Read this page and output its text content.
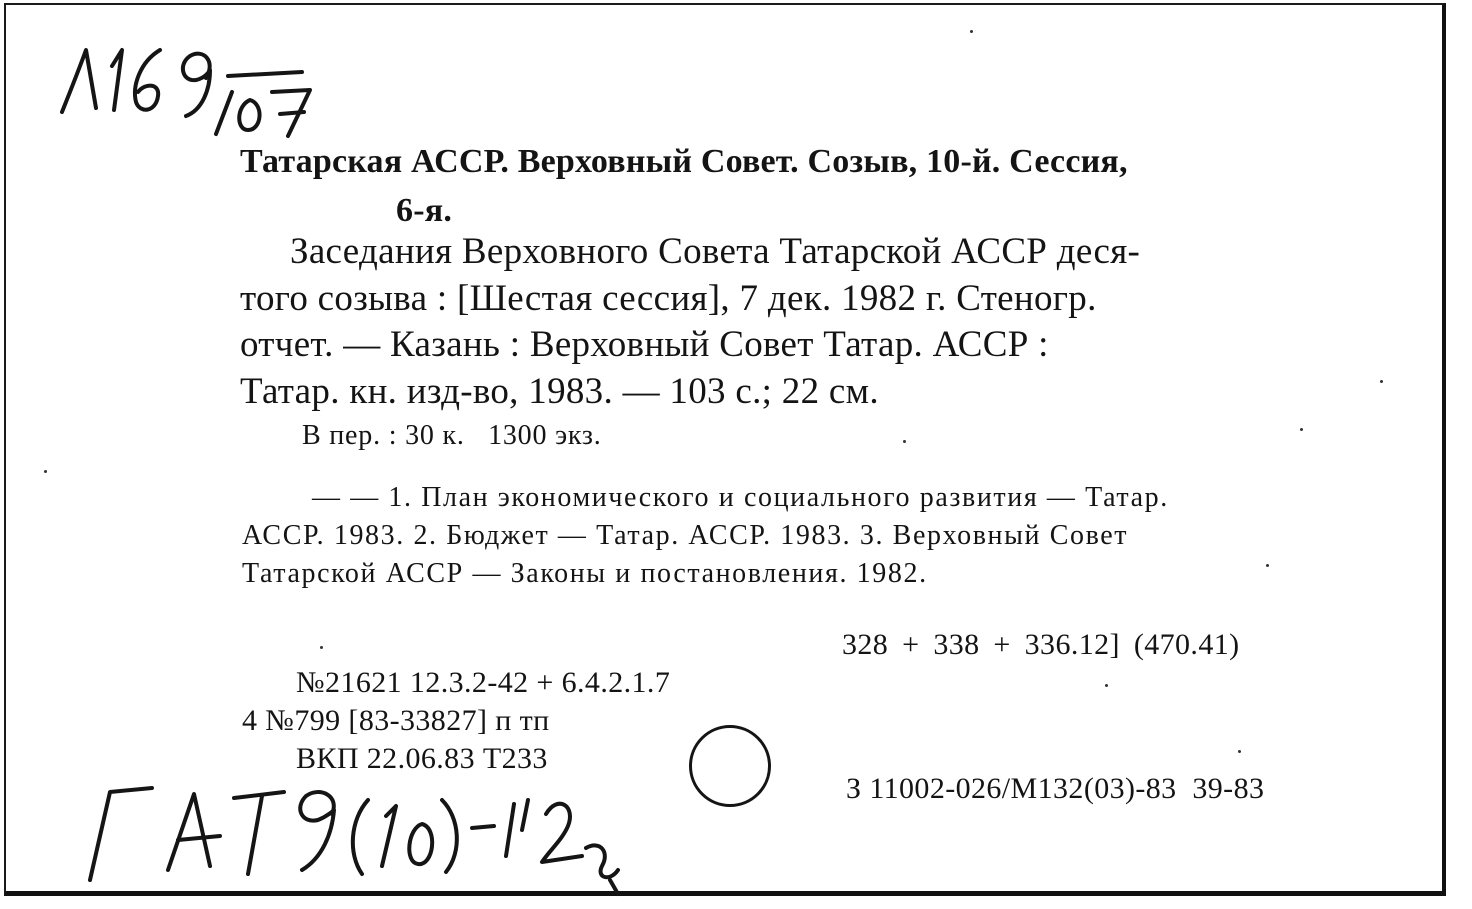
Татарская АССР. Верховный Совет. Созыв, 10-й. Сессия,

6-я.

Заседания Верховного Совета Татарской АССР деся-

того созыва : [Шестая сессия], 7 дек. 1982 г. Стеногр.

отчет. — Казань : Верховный Совет Татар. АССР :

Татар. кн. изд-во, 1983. — 103 с.; 22 см.

В пер. : 30 к.   1300 экз.

— — 1. План экономического и социального развития — Татар.

АССР. 1983. 2. Бюджет — Татар. АССР. 1983. 3. Верховный Совет

Татарской АССР — Законы и постановления. 1982.

328 + 338 + 336.12] (470.41)

№21621 12.3.2-42 + 6.4.2.1.7

4 №799 [83-33827] п тп

ВКП 22.06.83 Т233

З 11002-026/М132(03)-83  39-83
